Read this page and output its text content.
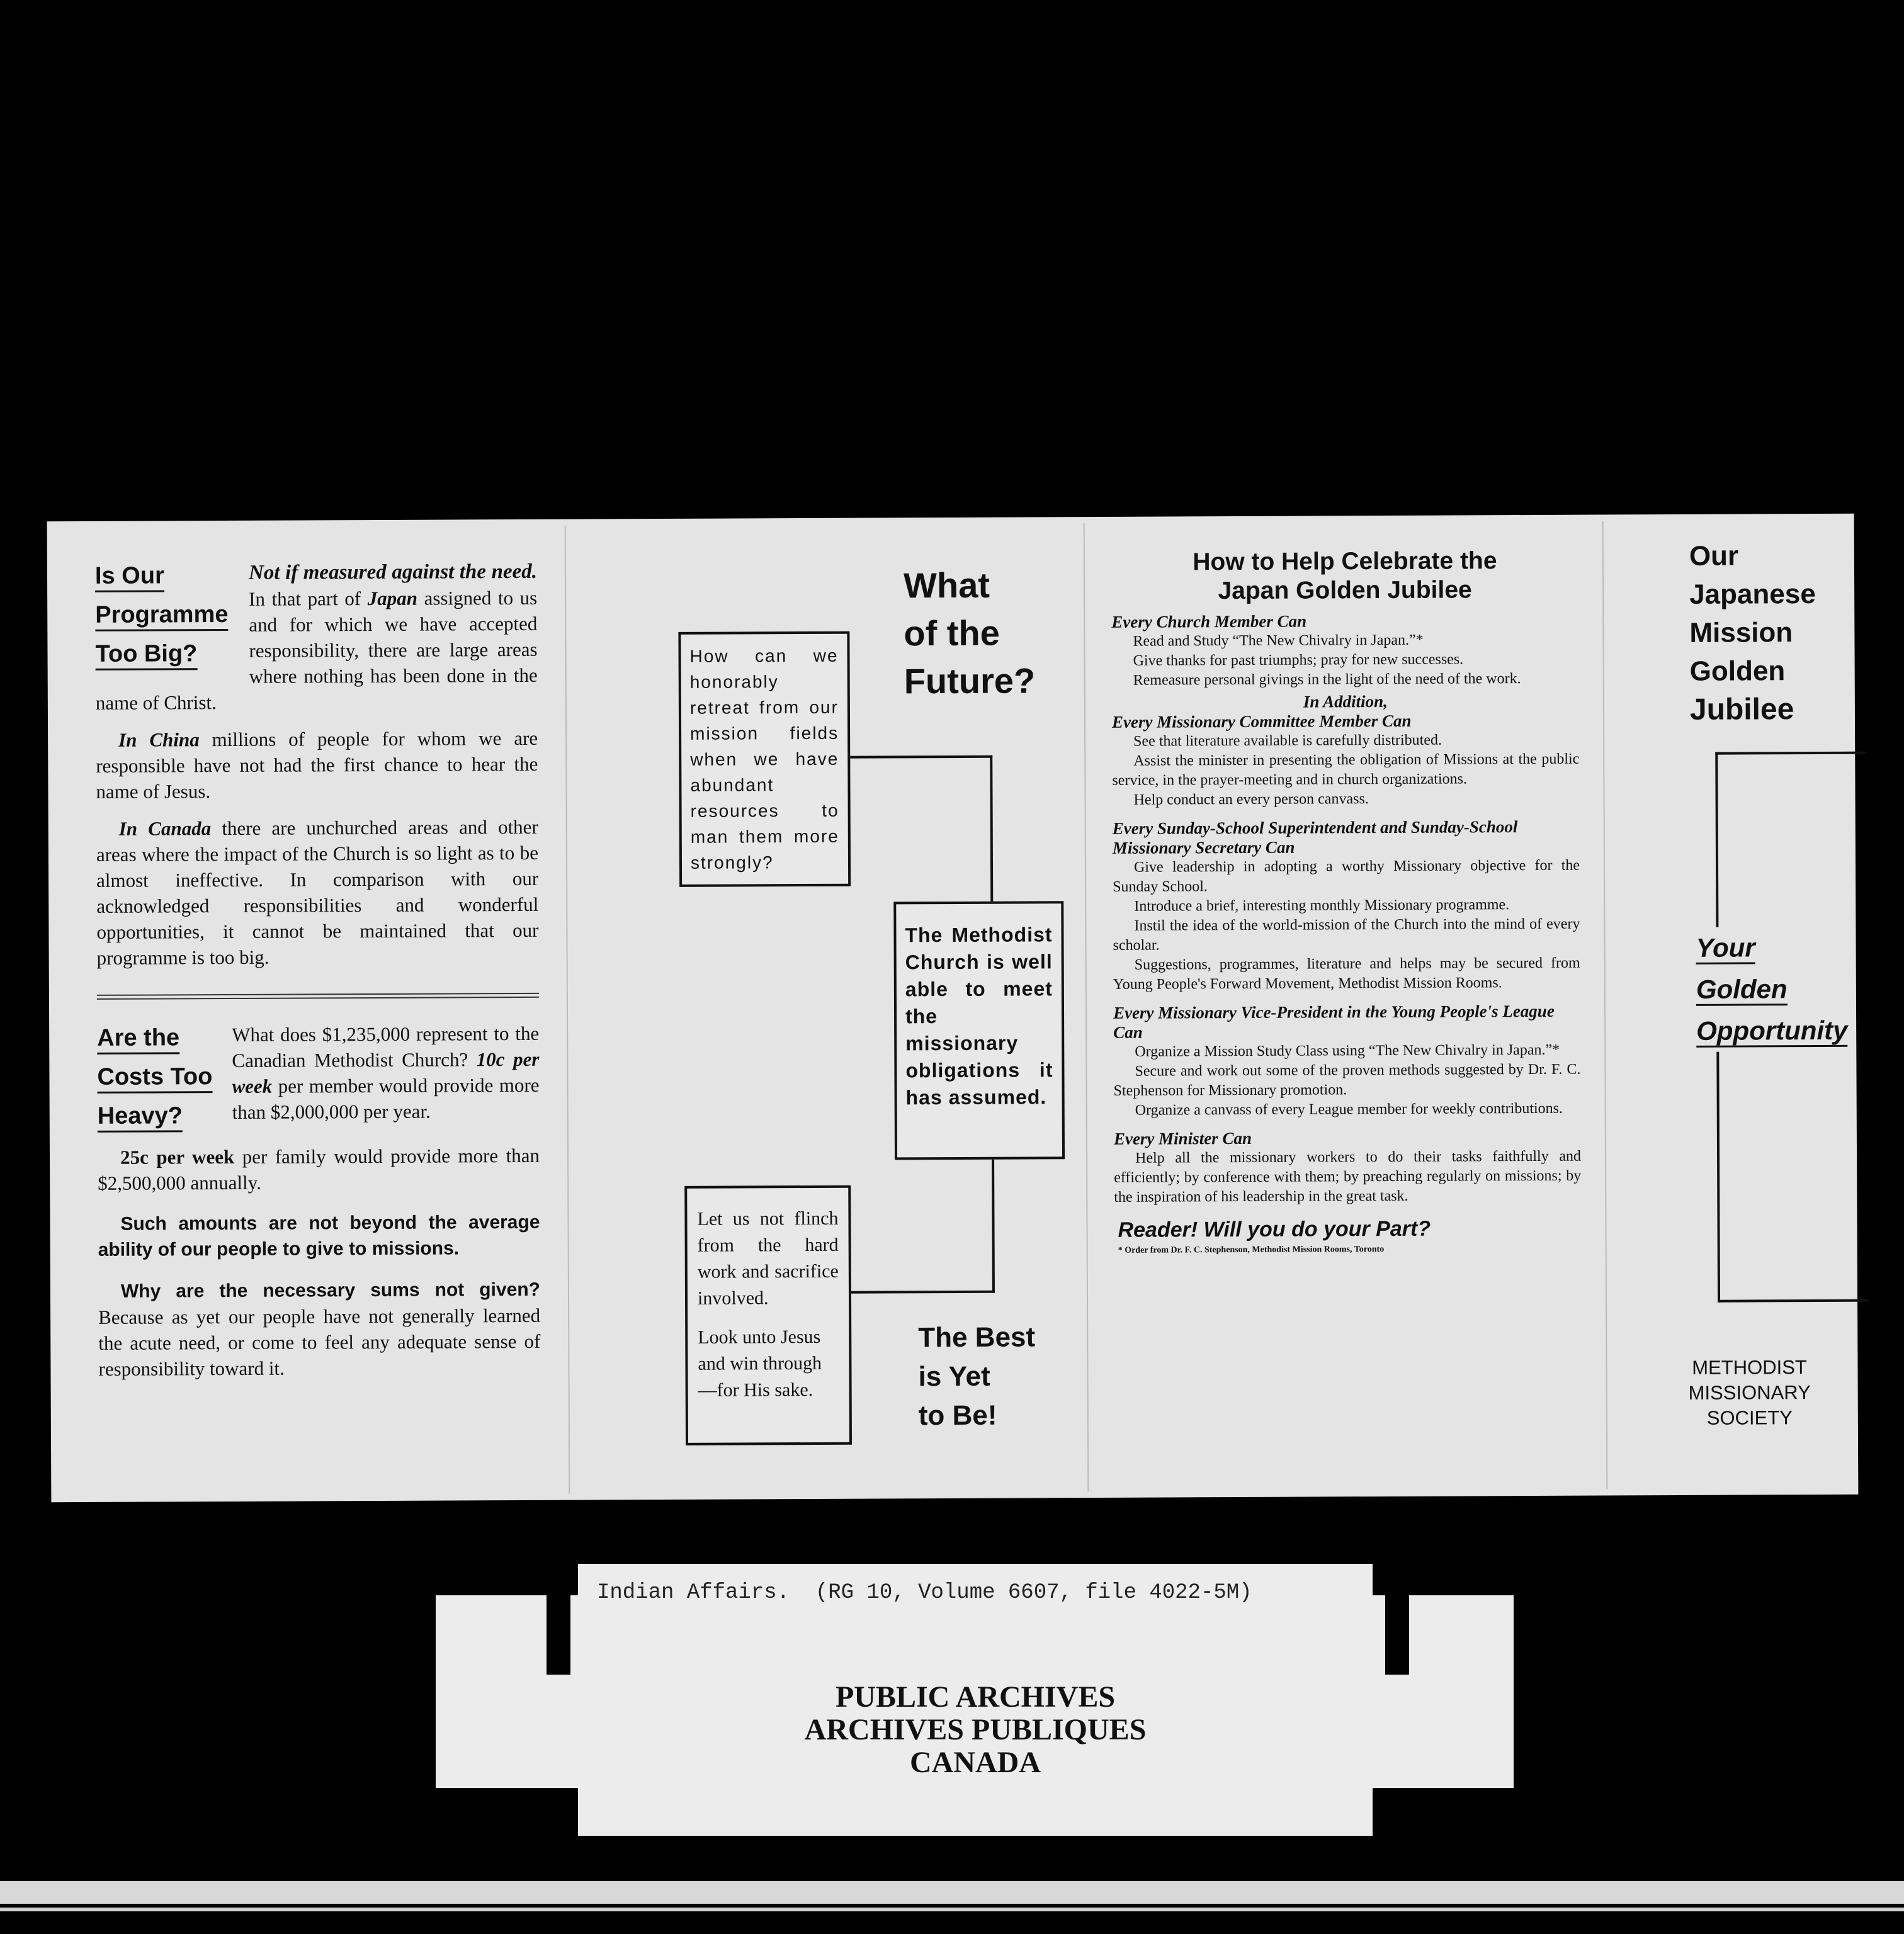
Is Our

Programme

Too Big?

Not if measured against the need. In that part of Japan assigned to us and for which we have accepted responsibility, there are large areas where nothing has been done in the name of Christ.

In China millions of people for whom we are responsible have not had the first chance to hear the name of Jesus.

In Canada there are unchurched areas and other areas where the impact of the Church is so light as to be almost ineffective. In comparison with our acknowledged responsibilities and wonderful opportunities, it cannot be maintained that our programme is too big.

Are the

Costs Too

Heavy?

What does $1,235,000 represent to the Canadian Methodist Church? 10c per week per member would provide more than $2,000,000 per year.

25c per week per family would provide more than $2,500,000 annually.

Such amounts are not beyond the average ability of our people to give to missions.

Why are the necessary sums not given? Because as yet our people have not generally learned the acute need, or come to feel any adequate sense of responsibility toward it.

What

of the

Future?

How can we honorably retreat from our mission fields when we have abundant resources to man them more strongly?

The Methodist Church is well able to meet the missionary obligations it has assumed.

Let us not flinch from the hard work and sacrifice involved.

Look unto Jesus and win through —for His sake.

The Best

is Yet

to Be!

How to Help Celebrate the

Japan Golden Jubilee

Every Church Member Can

Read and Study “The New Chivalry in Japan.”*

Give thanks for past triumphs; pray for new successes.

Remeasure personal givings in the light of the need of the work.

In Addition,

Every Missionary Committee Member Can

See that literature available is carefully distributed.

Assist the minister in presenting the obligation of Missions at the public service, in the prayer-meeting and in church organizations.

Help conduct an every person canvass.

Every Sunday-School Superintendent and Sunday-School Missionary Secretary Can

Give leadership in adopting a worthy Missionary objective for the Sunday School.

Introduce a brief, interesting monthly Missionary programme.

Instil the idea of the world-mission of the Church into the mind of every scholar.

Suggestions, programmes, literature and helps may be secured from Young People's Forward Movement, Methodist Mission Rooms.

Every Missionary Vice-President in the Young People's League Can

Organize a Mission Study Class using “The New Chivalry in Japan.”*

Secure and work out some of the proven methods suggested by Dr. F. C. Stephenson for Missionary promotion.

Organize a canvass of every League member for weekly contributions.

Every Minister Can

Help all the missionary workers to do their tasks faithfully and efficiently; by conference with them; by preaching regularly on missions; by the inspiration of his leadership in the great task.

Reader! Will you do your Part?

* Order from Dr. F. C. Stephenson, Methodist Mission Rooms, Toronto

Our

Japanese

Mission

Golden

Jubilee

Your

Golden

Opportunity

METHODIST

MISSIONARY

SOCIETY

Indian Affairs.  (RG 10, Volume 6607, file 4022-5M)

PUBLIC ARCHIVES

ARCHIVES PUBLIQUES

CANADA
